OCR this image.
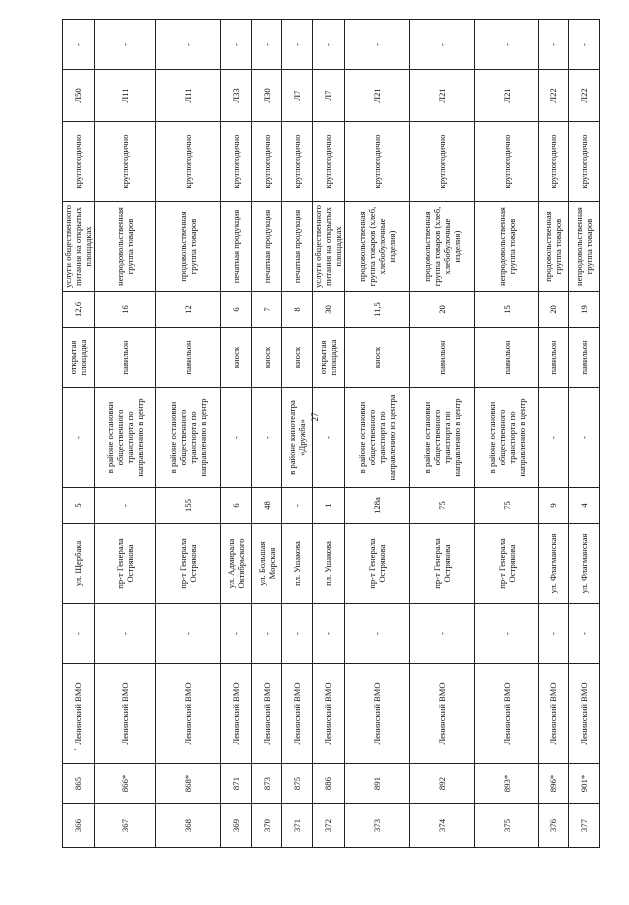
27
.
366	865	Ленинский ВМО	-	ул. Щербака	5	-	открытая площадка	12,6	услуги общественного питания на открытых площадках	круглогодично	Л50	-
367	866*	Ленинский ВМО	-	пр-т Генерала Острякова	-	в районе остановки общественного транспорта по направлению в центр	павильон	16	непродовольственная группа товаров	круглогодично	Л11	-
368	868*	Ленинский ВМО	-	пр-т Генерала Острякова	155	в районе остановки общественного транспорта по направлению в центр	павильон	12	продовольственная группа товаров	круглогодично	Л11	-
369	871	Ленинский ВМО	-	ул. Адмирала Октябрьского	6	-	киоск	6	печатная продукция	круглогодично	Л33	-
370	873	Ленинский ВМО	-	ул. Большая Морская	48	-	киоск	7	печатная продукция	круглогодично	Л30	-
371	875	Ленинский ВМО	-	пл. Ушакова	-	в районе кинотеатра «Дружба»	киоск	8	печатная продукция	круглогодично	Л7	-
372	886	Ленинский ВМО	-	пл. Ушакова	1	-	открытая площадка	30	услуги общественного питания на открытых площадках	круглогодично	Л7	-
373	891	Ленинский ВМО	-	пр-т Генерала Острякова	128а	в районе остановки общественного транспорта по направлению из центра	киоск	11,5	продовольственная группа товаров (хлеб, хлебобулочные изделия)	круглогодично	Л21	-
374	892	Ленинский ВМО	-	пр-т Генерала Острякова	75	в районе остановки общественного транспорта по направлению в центр	павильон	20	продовольственная группа товаров (хлеб, хлебобулочные изделия)	круглогодично	Л21	-
375	893*	Ленинский ВМО	-	пр-т Генерала Острякова	75	в районе остановки общественного транспорта по направлению в центр	павильон	15	непродовольственная группа товаров	круглогодично	Л21	-
376	896*	Ленинский ВМО	-	ул. Флагманская	9	-	павильон	20	продовольственная группа товаров	круглогодично	Л22	-
377	901*	Ленинский ВМО	-	ул. Флагманская	4	-	павильон	19	непродовольственная группа товаров	круглогодично	Л22	-
